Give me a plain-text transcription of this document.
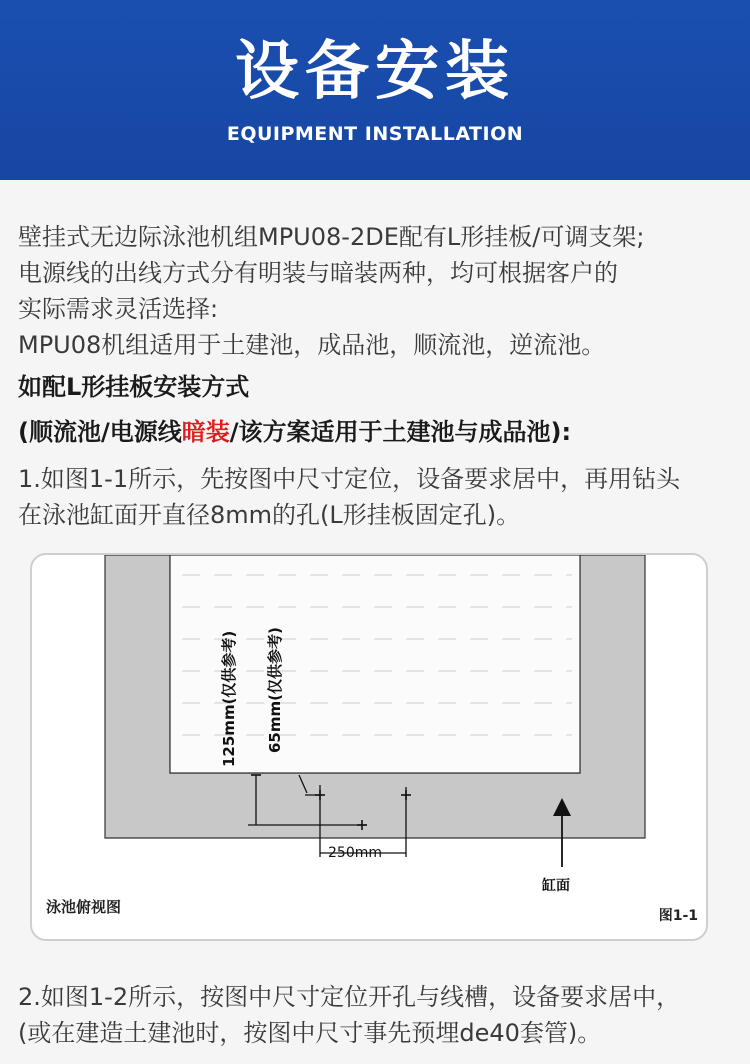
设备安装
EQUIPMENT INSTALLATION
壁挂式无边际泳池机组MPU08-2DE配有L形挂板/可调支架;
电源线的出线方式分有明装与暗装两种，均可根据客户的
实际需求灵活选择:
MPU08机组适用于土建池，成品池，顺流池，逆流池。
如配L形挂板安装方式
(顺流池/电源线暗装/该方案适用于土建池与成品池):
1.如图1-1所示，先按图中尺寸定位，设备要求居中，再用钻头
在泳池缸面开直径8mm的孔(L形挂板固定孔)。
125mm(仅供参考) 65mm(仅供参考)
250mm
缸面
泳池俯视图	图1-1
2.如图1-2所示，按图中尺寸定位开孔与线槽，设备要求居中，
(或在建造土建池时，按图中尺寸事先预埋de40套管)。
